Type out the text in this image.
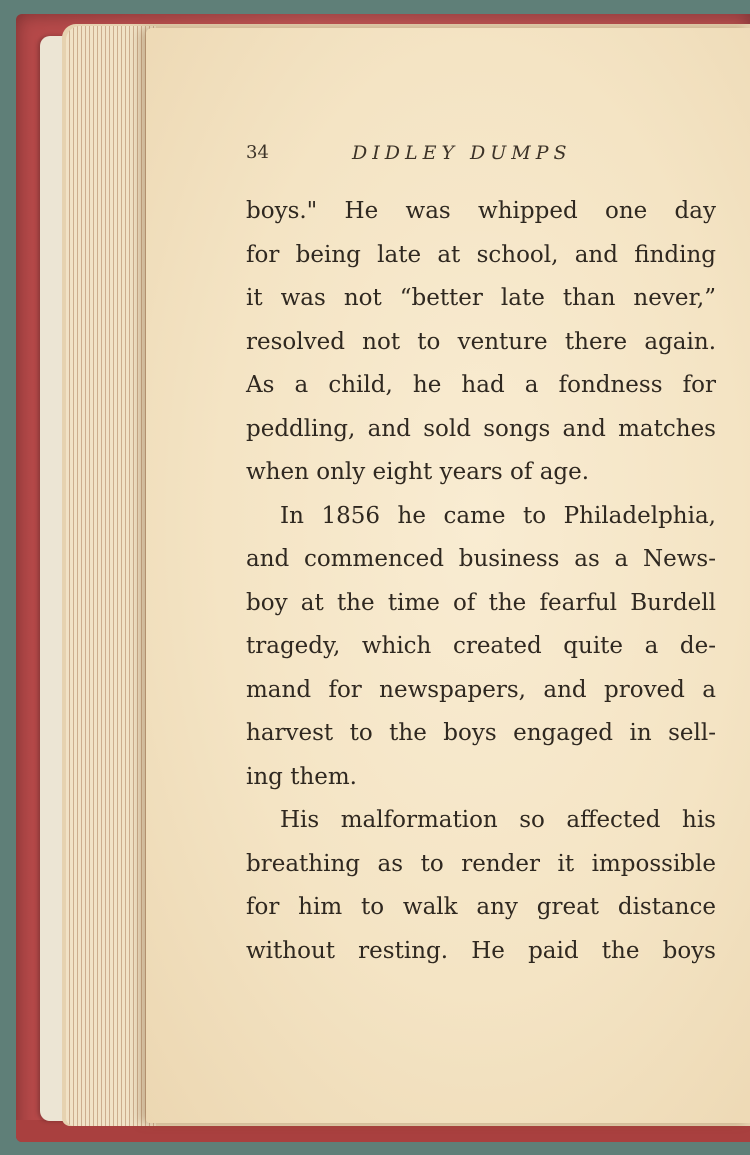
34	DIDLEY DUMPS
boys." He was whipped one day
for being late at school, and finding
it was not “better late than never,”
resolved not to venture there again.
As a child, he had a fondness for
peddling, and sold songs and matches
when only eight years of age.
In 1856 he came to Philadelphia,
and commenced business as a News-
boy at the time of the fearful Burdell
tragedy, which created quite a de-
mand for newspapers, and proved a
harvest to the boys engaged in sell-
ing them.
His malformation so affected his
breathing as to render it impossible
for him to walk any great distance
without resting. He paid the boys
